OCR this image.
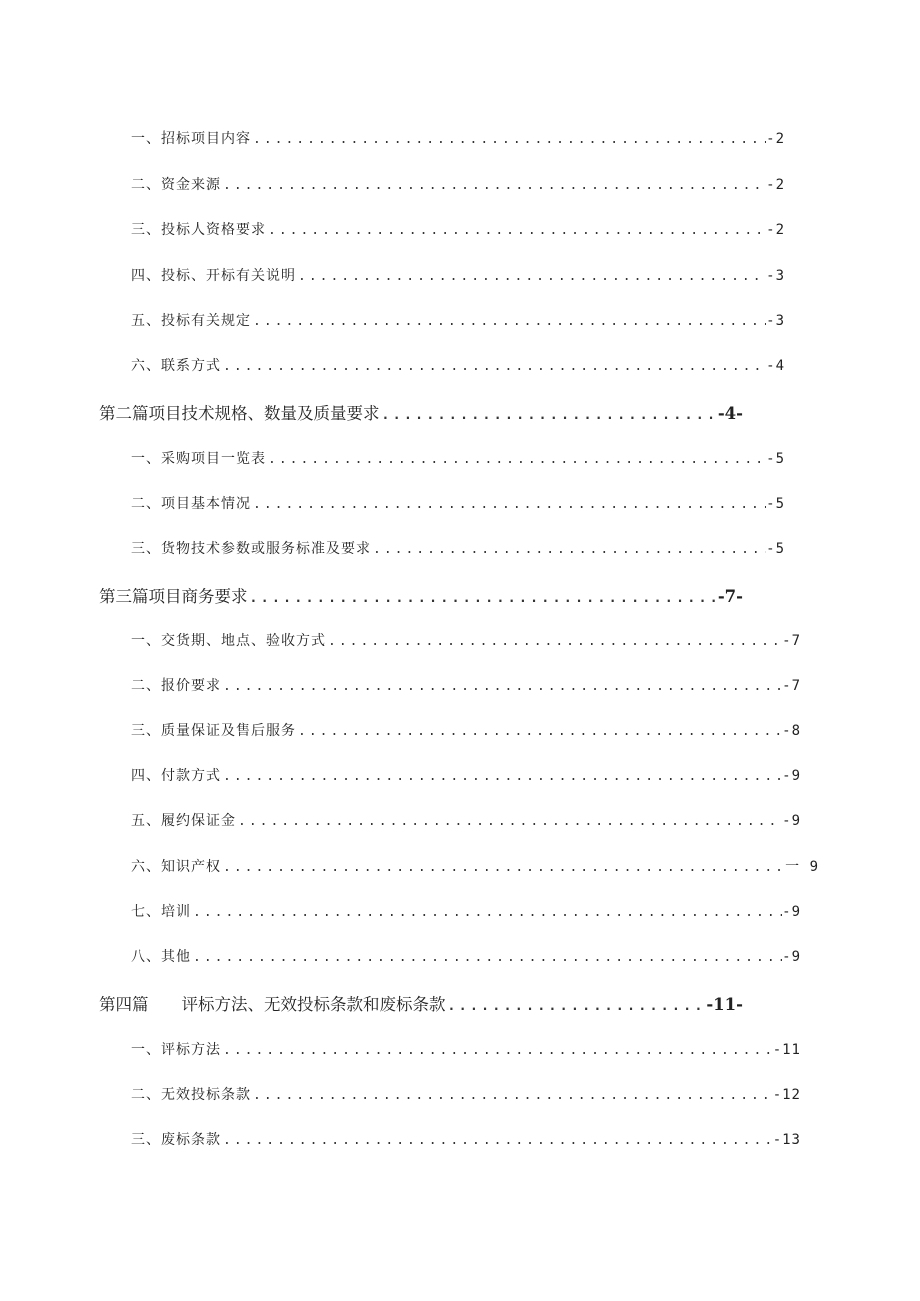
一、招标项目内容 .....	-2
二、资金来源 .....	-2
三、投标人资格要求 .....	-2
四、投标、开标有关说明 .....	-3
五、投标有关规定 .....	-3
六、联系方式 .....	-4
第二篇项目技术规格、数量及质量要求 .....	-4-
一、采购项目一览表 .....	-5
二、项目基本情况 .....	-5
三、货物技术参数或服务标准及要求 .....	-5
第三篇项目商务要求 .....	-7-
一、交货期、地点、验收方式 .....	-7
二、报价要求 .....	-7
三、质量保证及售后服务 .....	-8
四、付款方式 .....	-9
五、履约保证金 .....	-9
六、知识产权 .....	一 9
七、培训 .....	-9
八、其他 .....	-9
第四篇　　评标方法、无效投标条款和废标条款 .....	-11-
一、评标方法 .....	-11
二、无效投标条款 .....	-12
三、废标条款 .....	-13
